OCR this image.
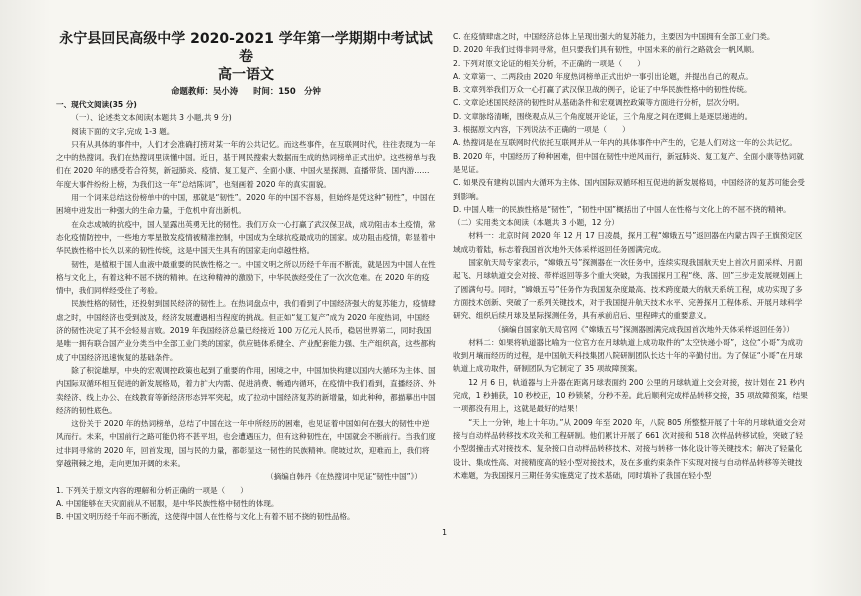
永宁县回民高级中学 2020-2021 学年第一学期期中考试试卷

高一语文

命题教师：吴小涛 时间：150　分钟

一、现代文阅读(35 分)

（一）、论述类文本阅读(本题共 3 小题,共 9 分)

阅读下面的文字,完成 1-3 题。

只有从具体的事件中，人们才会准确打捞对某一年的公共记忆。而这些事件，在互联网时代，往往表现为一年之中的热搜词。我们在热搜词里读懂中国。近日，基于网民搜索大数据而生成的热词榜单正式出炉。这些榜单与我们在 2020 年的感受若合符契，新冠肺炎、疫情、复工复产、全面小康、中国火星探测、直播带货、国内游……年度大事件纷纷上榜，为我们这一年“总结陈词”，也刻画着 2020 年的真实面貌。

用一个词来总结这份榜单中的中国，那就是“韧性”。2020 年的中国不容易，但始终是凭这种“韧性”，中国在困境中迸发出一种强大的生命力量，于危机中育出新机。

在众志成城的抗疫中，国人显露出英勇无比的韧性。我们万众一心打赢了武汉保卫战，成功阻击本土疫情，常态化疫情防控中，一些地方零星散发疫情被精准控制，中国成为全球抗疫最成功的国家。成功阻击疫情，彰显着中华民族性格中长久以来的韧性传统，这是中国天生具有的国家走向卓越性格。

韧性，是植根于国人血液中最重要的民族性格之一。中国文明之所以历经千年而不断流，就是因为中国人在性格与文化上，有着这种不屈不挠的精神。在这种精神的激励下，中华民族经受住了一次次危难。在 2020 年的疫情中，我们同样经受住了考验。

民族性格的韧性，还投射到国民经济的韧性上。在热词盘点中，我们看到了中国经济强大的复苏能力，疫情肆虐之时，中国经济也受到波及，经济发展遭遇相当程度的挑战。但正如“复工复产”成为 2020 年度热词，中国经济的韧性决定了其不会轻易言败。2019 年我国经济总量已经接近 100 万亿元人民币，稳居世界第二，同时我国是唯一拥有联合国产业分类当中全部工业门类的国家，供应链体系健全、产业配套能力强、生产组织高，这些都构成了中国经济迅速恢复的基础条件。

除了积淀雄厚，中央的宏观调控政策也起到了重要的作用，困境之中，中国加快构建以国内大循环为主体、国内国际双循环相互促进的新发展格局，着力扩大内需、促进消费、畅通内循环，在疫情中我们看到，直播经济、外卖经济、线上办公、在线教育等新经济形态异军突起，成了拉动中国经济复苏的新增量，如此种种，都描摹出中国经济的韧性底色。

这份关于 2020 年的热词榜单，总结了中国在这一年中所经历的困难，也见证着中国如何在强大的韧性中逆风而行。未来，中国前行之路可能仍将不甚平坦，也会遭遇压力，但有这种韧性在，中国就会不断前行。当我们度过非同寻常的 2020 年，回首发现，国与民的力量，都彰显这一韧性的民族精神。爬坡过坎，迎难而上，我们将穿越荆棘之地，走向更加开阔的未来。

（摘编自韩丹《在热搜词中见证“韧性中国”》）

1. 下列关于原文内容的理解和分析正确的一项是（　　）

A. 中国能够在天灾面前从不屈服，是中华民族性格中韧性的体现。

B. 中国文明历经千年而不断流，这使得中国人在性格与文化上有着不屈不挠的韧性品格。

C. 在疫情肆虐之时，中国经济总体上呈现出强大的复苏能力，主要因为中国拥有全部工业门类。

D. 2020 年我们过得非同寻常，但只要我们具有韧性，中国未来的前行之路就会一帆风顺。

2. 下列对原文论证的相关分析，不正确的一项是（　　）

A. 文章第一、二两段由 2020 年度热词榜单正式出炉一事引出论题，并提出自己的观点。

B. 文章列举我们万众一心打赢了武汉保卫战的例子，论证了中华民族性格中的韧性传统。

C. 文章论述国民经济的韧性时从基础条件和宏观调控政策等方面进行分析，层次分明。

D. 文章脉络清晰，围绕观点从三个角度展开论证，三个角度之间在逻辑上是逐层递进的。

3. 根据原文内容，下列说法不正确的一项是（　　）

A. 热搜词是在互联网时代依托互联网并从一年内的具体事件中产生的，它是人们对这一年的公共记忆。

B. 2020 年，中国经历了种种困难，但中国在韧性中逆风而行，新冠肺炎、复工复产、全面小康等热词就是见证。

C. 如果没有建构以国内大循环为主体、国内国际双循环相互促进的新发展格局，中国经济的复苏可能会受到影响。

D. 中国人唯一的民族性格是“韧性”，“韧性中国”概括出了中国人在性格与文化上的不屈不挠的精神。

（二）实用类文本阅读（本题共 3 小题，12 分）

材料一：北京时间 2020 年 12 月 17 日凌晨，探月工程“嫦娥五号”返回器在内蒙古四子王旗预定区域成功着陆，标志着我国首次地外天体采样返回任务圆满完成。

国家航天局专家表示，“嫦娥五号”探测器在一次任务中，连续实现我国航天史上首次月面采样、月面起飞、月球轨道交会对接、带样返回等多个重大突破，为我国探月工程“绕、落、回”三步走发展规划画上了圆满句号。同时，“嫦娥五号”任务作为我国复杂度最高、技术跨度最大的航天系统工程，成功实现了多方面技术创新、突破了一系列关键技术，对于我国提升航天技术水平、完善探月工程体系、开展月球科学研究、组织后续月球及星际探测任务，具有承前启后、里程碑式的重要意义。

（摘编自国家航天局官网《“嫦娥五号”探测器圆满完成我国首次地外天体采样返回任务》）

材料二：如果将轨道器比喻为一位官方在月球轨道上成功取件的“太空快递小哥”，这位“小哥”为成功收到月壤而经历的过程，是中国航天科技集团八院研制团队长达十年的辛勤付出。为了保证“小哥”在月球轨道上成功取件，研制团队为它制定了 35 项故障预案。

12 月 6 日，轨道器与上升器在距离月球表面约 200 公里的月球轨道上交会对接，按计划在 21 秒内完成，1 秒捕获，10 秒校正，10 秒锁紧，分秒不差。此后顺利完成样品转移交接，35 项故障预案，结果一项都没有用上，这就是最好的结果！

“天上一分钟，地上十年功。”从 2009 年至 2020 年，八院 805 所整整开展了十年的月球轨道交会对接与自动样品转移技术攻关和工程研制。他们累计开展了 661 次对接和 518 次样品转移试验，突破了轻小型弱撞击式对接技术、复杂接口自动样品转移技术、对接与转移一体化设计等关键技术；解决了轻量化设计、集成性高、对接精度高的轻小型对接技术，及在多重约束条件下实现对接与自动样品转移等关键技术难题，为我国探月三期任务实施奠定了技术基础，同时填补了我国在轻小型

1
